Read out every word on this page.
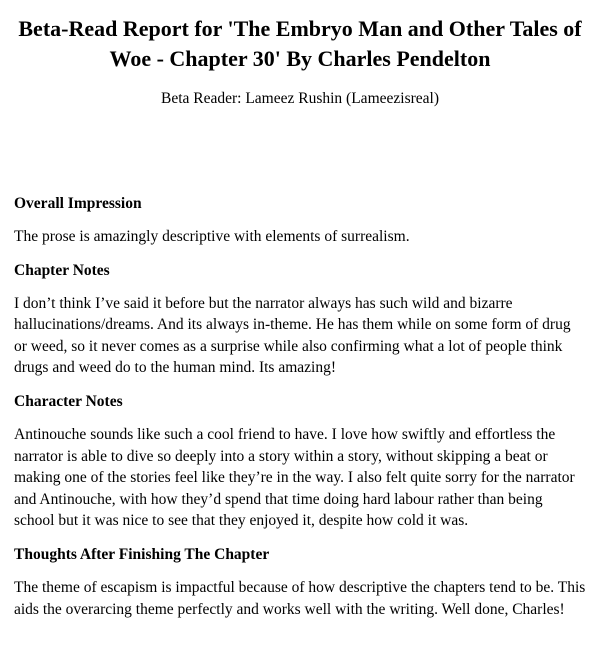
Beta-Read Report for 'The Embryo Man and Other Tales of Woe - Chapter 30' By Charles Pendelton

Beta Reader: Lameez Rushin (Lameezisreal)

Overall Impression

The prose is amazingly descriptive with elements of surrealism.

Chapter Notes

I don’t think I’ve said it before but the narrator always has such wild and bizarre hallucinations/dreams. And its always in-theme. He has them while on some form of drug or weed, so it never comes as a surprise while also confirming what a lot of people think drugs and weed do to the human mind. Its amazing!

Character Notes

Antinouche sounds like such a cool friend to have. I love how swiftly and effortless the narrator is able to dive so deeply into a story within a story, without skipping a beat or making one of the stories feel like they’re in the way. I also felt quite sorry for the narrator and Antinouche, with how they’d spend that time doing hard labour rather than being school but it was nice to see that they enjoyed it, despite how cold it was.

Thoughts After Finishing The Chapter

The theme of escapism is impactful because of how descriptive the chapters tend to be. This aids the overarcing theme perfectly and works well with the writing. Well done, Charles!
